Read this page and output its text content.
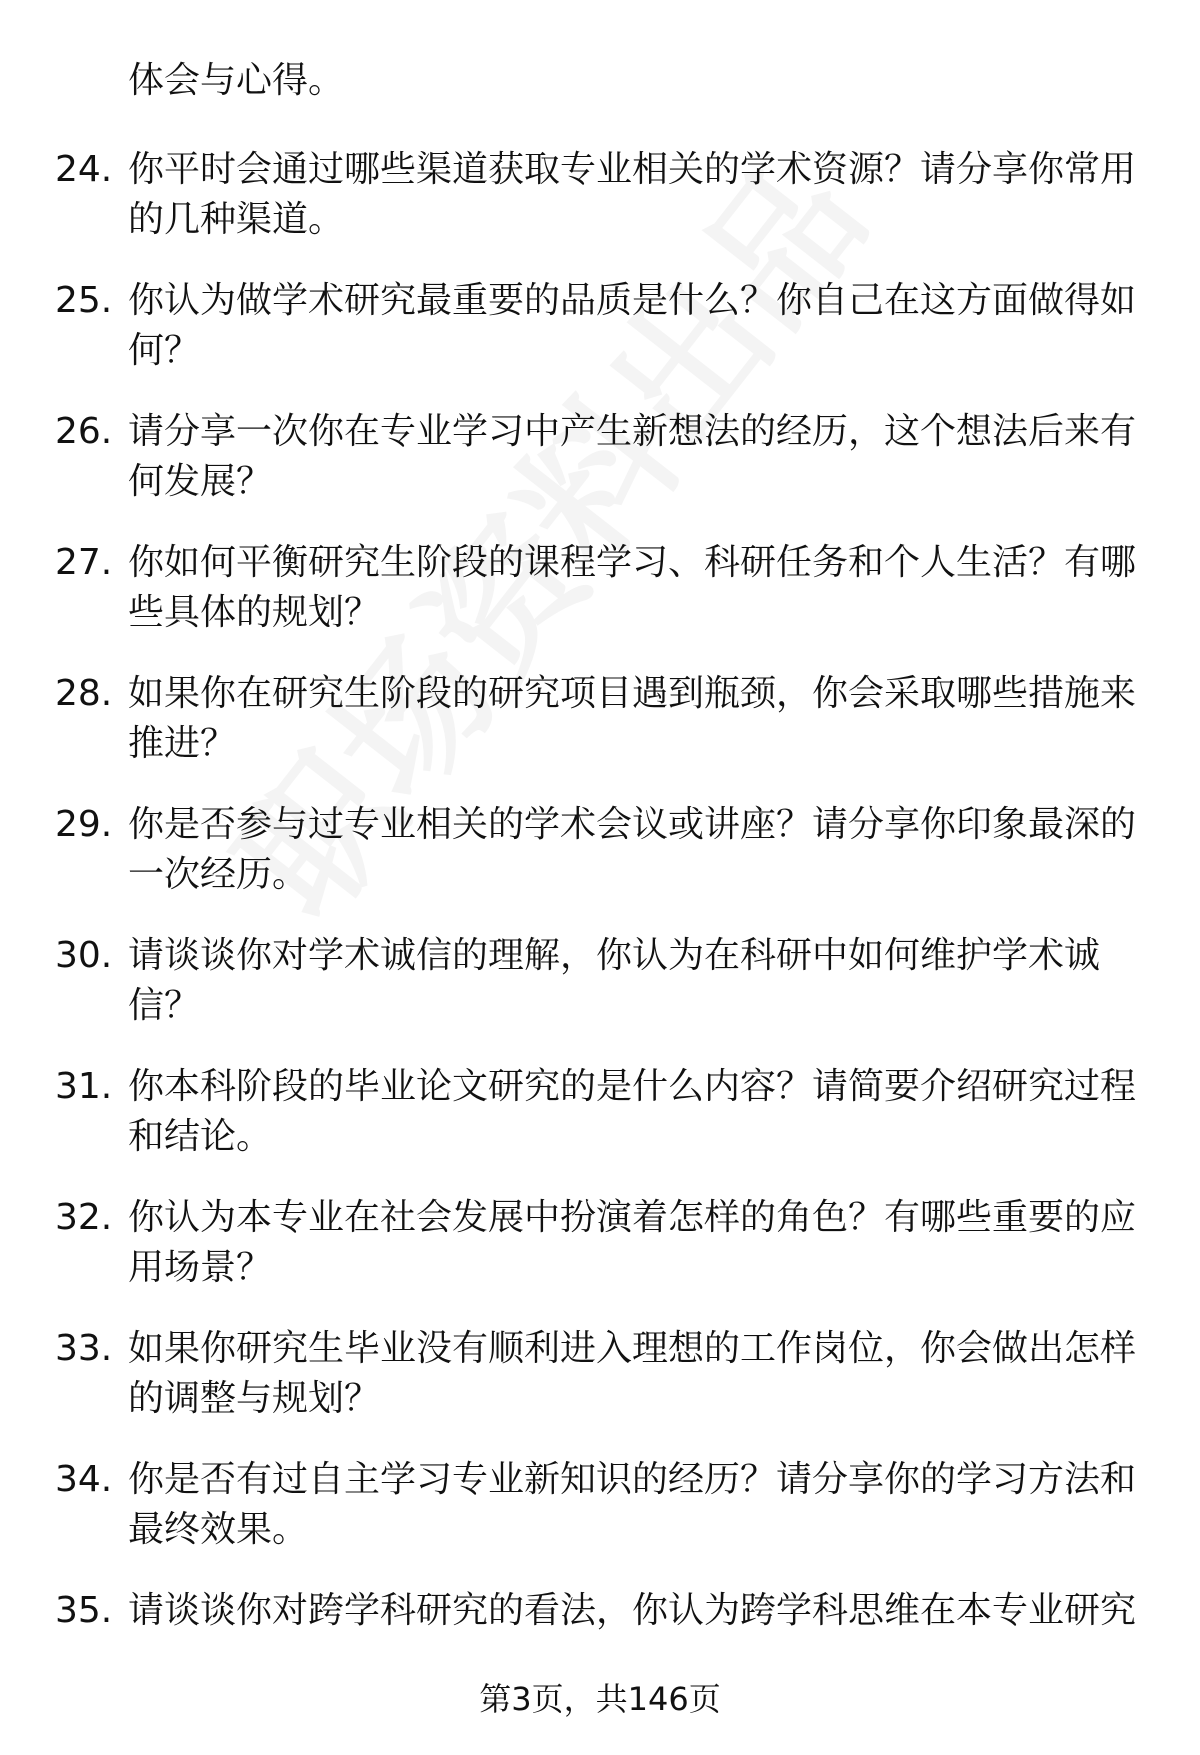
体会与心得。
24. 你平时会通过哪些渠道获取专业相关的学术资源？请分享你常用的几种渠道。
25. 你认为做学术研究最重要的品质是什么？你自己在这方面做得如何？
26. 请分享一次你在专业学习中产生新想法的经历，这个想法后来有何发展？
27. 你如何平衡研究生阶段的课程学习、科研任务和个人生活？有哪些具体的规划？
28. 如果你在研究生阶段的研究项目遇到瓶颈，你会采取哪些措施来推进？
29. 你是否参与过专业相关的学术会议或讲座？请分享你印象最深的一次经历。
30. 请谈谈你对学术诚信的理解，你认为在科研中如何维护学术诚信？
31. 你本科阶段的毕业论文研究的是什么内容？请简要介绍研究过程和结论。
32. 你认为本专业在社会发展中扮演着怎样的角色？有哪些重要的应用场景？
33. 如果你研究生毕业没有顺利进入理想的工作岗位，你会做出怎样的调整与规划？
34. 你是否有过自主学习专业新知识的经历？请分享你的学习方法和最终效果。
35. 请谈谈你对跨学科研究的看法，你认为跨学科思维在本专业研究
第3页，共146页
